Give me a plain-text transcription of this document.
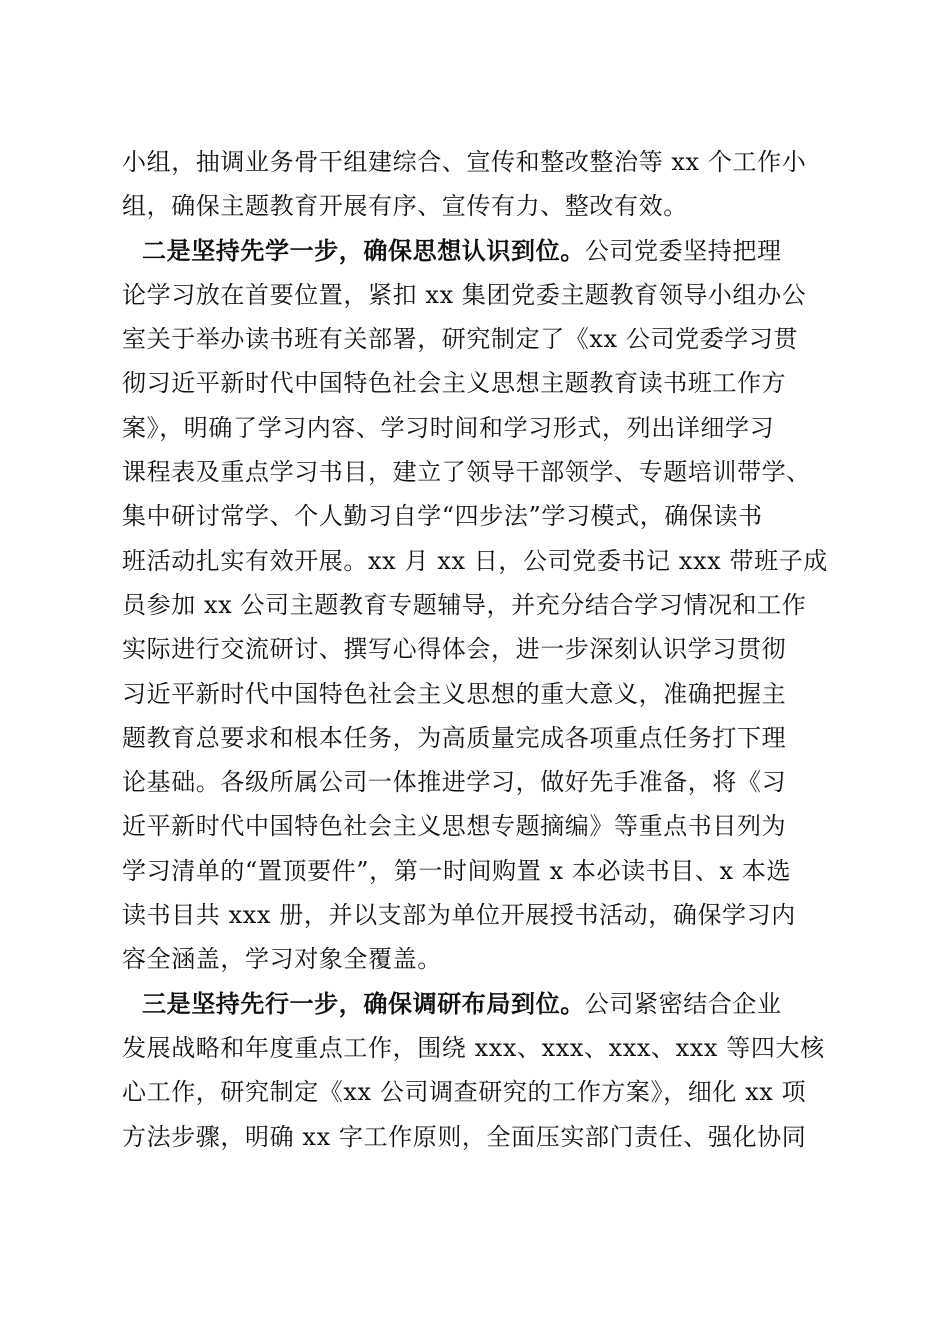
小组，抽调业务骨干组建综合、宣传和整改整治等 xx 个工作小
组，确保主题教育开展有序、宣传有力、整改有效。
二是坚持先学一步，确保思想认识到位。公司党委坚持把理
论学习放在首要位置，紧扣 xx 集团党委主题教育领导小组办公
室关于举办读书班有关部署，研究制定了《xx 公司党委学习贯
彻习近平新时代中国特色社会主义思想主题教育读书班工作方
案》，明确了学习内容、学习时间和学习形式，列出详细学习
课程表及重点学习书目，建立了领导干部领学、专题培训带学、
集中研讨常学、个人勤习自学“四步法”学习模式，确保读书
班活动扎实有效开展。xx 月 xx 日，公司党委书记 xxx 带班子成
员参加 xx 公司主题教育专题辅导，并充分结合学习情况和工作
实际进行交流研讨、撰写心得体会，进一步深刻认识学习贯彻
习近平新时代中国特色社会主义思想的重大意义，准确把握主
题教育总要求和根本任务，为高质量完成各项重点任务打下理
论基础。各级所属公司一体推进学习，做好先手准备，将《习
近平新时代中国特色社会主义思想专题摘编》等重点书目列为
学习清单的“置顶要件”，第一时间购置 x 本必读书目、x 本选
读书目共 xxx 册，并以支部为单位开展授书活动，确保学习内
容全涵盖，学习对象全覆盖。
三是坚持先行一步，确保调研布局到位。公司紧密结合企业
发展战略和年度重点工作，围绕 xxx、xxx、xxx、xxx 等四大核
心工作，研究制定《xx 公司调查研究的工作方案》，细化 xx 项
方法步骤，明确 xx 字工作原则，全面压实部门责任、强化协同
